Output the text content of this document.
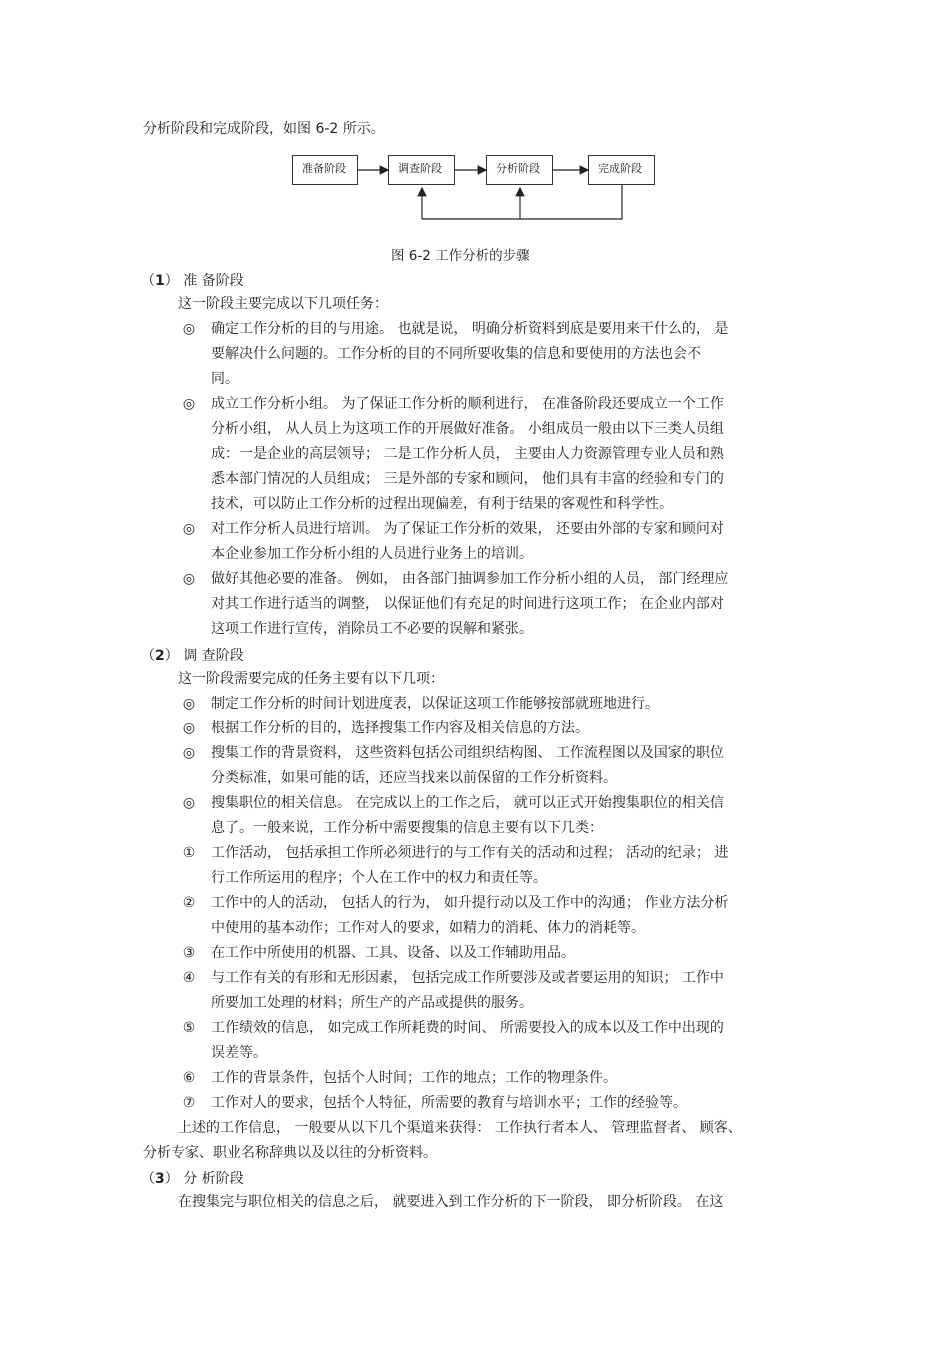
分析阶段和完成阶段，如图 6-2 所示。
准备阶段	调查阶段	分析阶段	完成阶段
图 6-2 工作分析的步骤
（1） 准 备阶段
这一阶段主要完成以下几项任务：
◎ 确定工作分析的目的与用途。 也就是说， 明确分析资料到底是要用来干什么的， 是
要解决什么问题的。工作分析的目的不同所要收集的信息和要使用的方法也会不
同。
◎ 成立工作分析小组。 为了保证工作分析的顺利进行， 在准备阶段还要成立一个工作
分析小组， 从人员上为这项工作的开展做好准备。 小组成员一般由以下三类人员组
成：一是企业的高层领导； 二是工作分析人员， 主要由人力资源管理专业人员和熟
悉本部门情况的人员组成； 三是外部的专家和顾问， 他们具有丰富的经验和专门的
技术，可以防止工作分析的过程出现偏差，有利于结果的客观性和科学性。
◎ 对工作分析人员进行培训。 为了保证工作分析的效果， 还要由外部的专家和顾问对
本企业参加工作分析小组的人员进行业务上的培训。
◎ 做好其他必要的准备。 例如， 由各部门抽调参加工作分析小组的人员， 部门经理应
对其工作进行适当的调整， 以保证他们有充足的时间进行这项工作； 在企业内部对
这项工作进行宣传，消除员工不必要的误解和紧张。
（2） 调 查阶段
这一阶段需要完成的任务主要有以下几项：
◎ 制定工作分析的时间计划进度表，以保证这项工作能够按部就班地进行。
◎ 根据工作分析的目的，选择搜集工作内容及相关信息的方法。
◎ 搜集工作的背景资料， 这些资料包括公司组织结构图、 工作流程图以及国家的职位
分类标准，如果可能的话，还应当找来以前保留的工作分析资料。
◎ 搜集职位的相关信息。 在完成以上的工作之后， 就可以正式开始搜集职位的相关信
息了。一般来说，工作分析中需要搜集的信息主要有以下几类：
① 工作活动， 包括承担工作所必须进行的与工作有关的活动和过程； 活动的纪录； 进
行工作所运用的程序；个人在工作中的权力和责任等。
② 工作中的人的活动， 包括人的行为， 如升提行动以及工作中的沟通； 作业方法分析
中使用的基本动作；工作对人的要求，如精力的消耗、体力的消耗等。
③ 在工作中所使用的机器、工具、设备、以及工作辅助用品。
④ 与工作有关的有形和无形因素， 包括完成工作所要涉及或者要运用的知识； 工作中
所要加工处理的材料；所生产的产品或提供的服务。
⑤ 工作绩效的信息， 如完成工作所耗费的时间、 所需要投入的成本以及工作中出现的
误差等。
⑥ 工作的背景条件，包括个人时间；工作的地点；工作的物理条件。
⑦ 工作对人的要求，包括个人特征，所需要的教育与培训水平；工作的经验等。
上述的工作信息， 一般要从以下几个渠道来获得： 工作执行者本人、 管理监督者、 顾客、
分析专家、职业名称辞典以及以往的分析资料。
（3） 分 析阶段
在搜集完与职位相关的信息之后， 就要进入到工作分析的下一阶段， 即分析阶段。 在这
